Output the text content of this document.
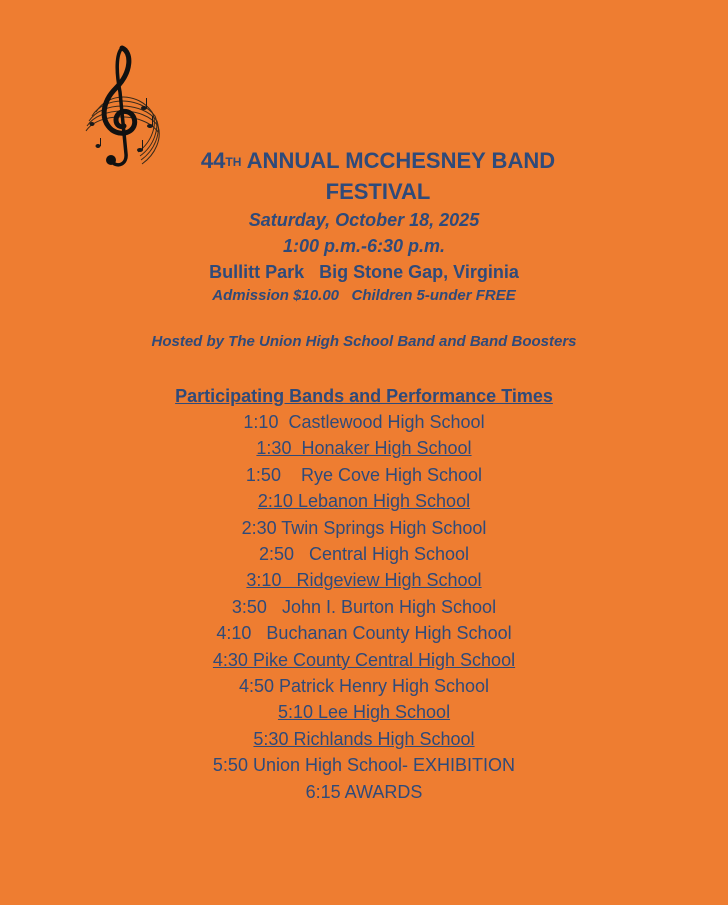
44TH ANNUAL MCCHESNEY BAND
FESTIVAL
Saturday, October 18, 2025
1:00 p.m.-6:30 p.m.
Bullitt Park   Big Stone Gap, Virginia
Admission $10.00   Children 5-under FREE
Hosted by The Union High School Band and Band Boosters
Participating Bands and Performance Times
1:10  Castlewood High School
1:30  Honaker High School
1:50    Rye Cove High School
2:10 Lebanon High School
2:30 Twin Springs High School
2:50   Central High School
3:10   Ridgeview High School
3:50   John I. Burton High School
4:10   Buchanan County High School
4:30 Pike County Central High School
4:50 Patrick Henry High School
5:10 Lee High School
5:30 Richlands High School
5:50 Union High School- EXHIBITION
6:15 AWARDS
